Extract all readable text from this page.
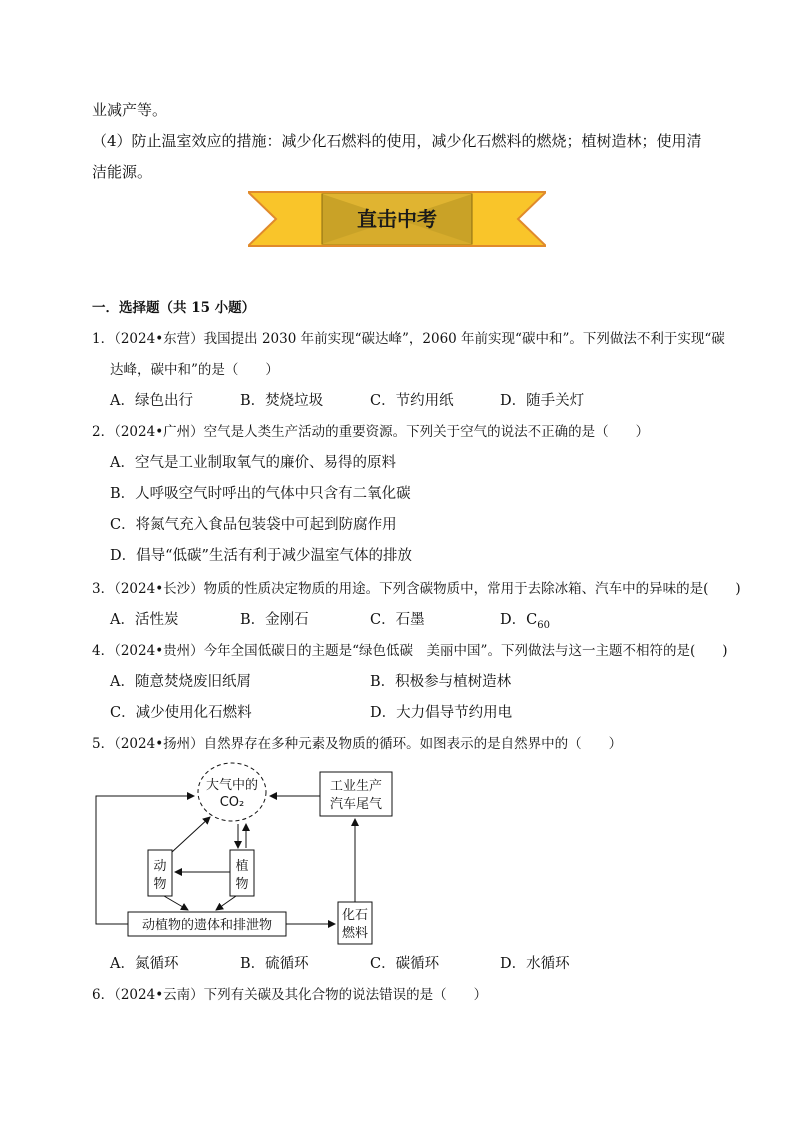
业减产等。
（4）防止温室效应的措施：减少化石燃料的使用，减少化石燃料的燃烧；植树造林；使用清
洁能源。
直击中考
一．选择题（共 15 小题）
1．（2024•东营）我国提出 2030 年前实现“碳达峰”，2060 年前实现“碳中和”。下列做法不利于实现“碳
达峰，碳中和”的是（　　）
A．绿色出行	B．焚烧垃圾	C．节约用纸	D．随手关灯
2．（2024•广州）空气是人类生产活动的重要资源。下列关于空气的说法不正确的是（　　）
A．空气是工业制取氧气的廉价、易得的原料
B．人呼吸空气时呼出的气体中只含有二氧化碳
C．将氮气充入食品包装袋中可起到防腐作用
D．倡导“低碳”生活有利于减少温室气体的排放
3．（2024•长沙）物质的性质决定物质的用途。下列含碳物质中，常用于去除冰箱、汽车中的异味的是(　　)
A．活性炭	B．金刚石	C．石墨	D．$C_{60}$
4．（2024•贵州）今年全国低碳日的主题是“绿色低碳　美丽中国”。下列做法与这一主题不相符的是(　　)
A．随意焚烧废旧纸屑	B．积极参与植树造林
C．减少使用化石燃料	D．大力倡导节约用电
5．（2024•扬州）自然界存在多种元素及物质的循环。如图表示的是自然界中的（　　）
大气中的
CO₂
工业生产
汽车尾气
动
物
植
物
动植物的遗体和排泄物
化石
燃料
A．氮循环	B．硫循环	C．碳循环	D．水循环
6．（2024•云南）下列有关碳及其化合物的说法错误的是（　　）
